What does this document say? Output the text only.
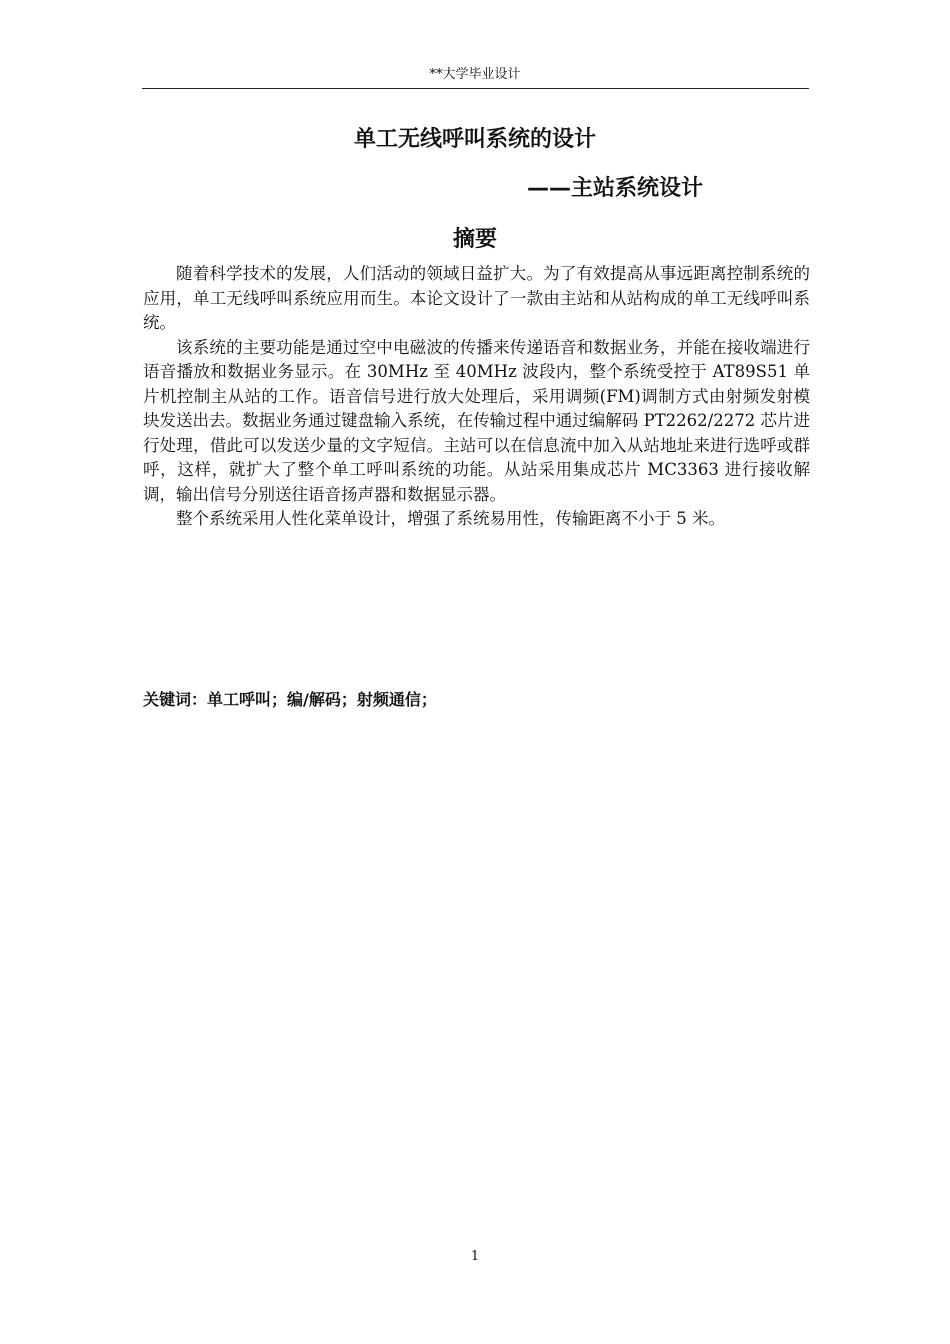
**大学毕业设计
单工无线呼叫系统的设计
——主站系统设计
摘要

随着科学技术的发展，人们活动的领域日益扩大。为了有效提高从事远距离控制系统的应用，单工无线呼叫系统应用而生。本论文设计了一款由主站和从站构成的单工无线呼叫系统。

该系统的主要功能是通过空中电磁波的传播来传递语音和数据业务，并能在接收端进行语音播放和数据业务显示。在 30MHz 至 40MHz 波段内，整个系统受控于 AT89S51 单片机控制主从站的工作。语音信号进行放大处理后，采用调频(FM)调制方式由射频发射模块发送出去。数据业务通过键盘输入系统，在传输过程中通过编解码 PT2262/2272 芯片进行处理，借此可以发送少量的文字短信。主站可以在信息流中加入从站地址来进行选呼或群呼，这样，就扩大了整个单工呼叫系统的功能。从站采用集成芯片 MC3363 进行接收解调，输出信号分别送往语音扬声器和数据显示器。

整个系统采用人性化菜单设计，增强了系统易用性，传输距离不小于 5 米。

关键词：单工呼叫；编/解码；射频通信；
1
